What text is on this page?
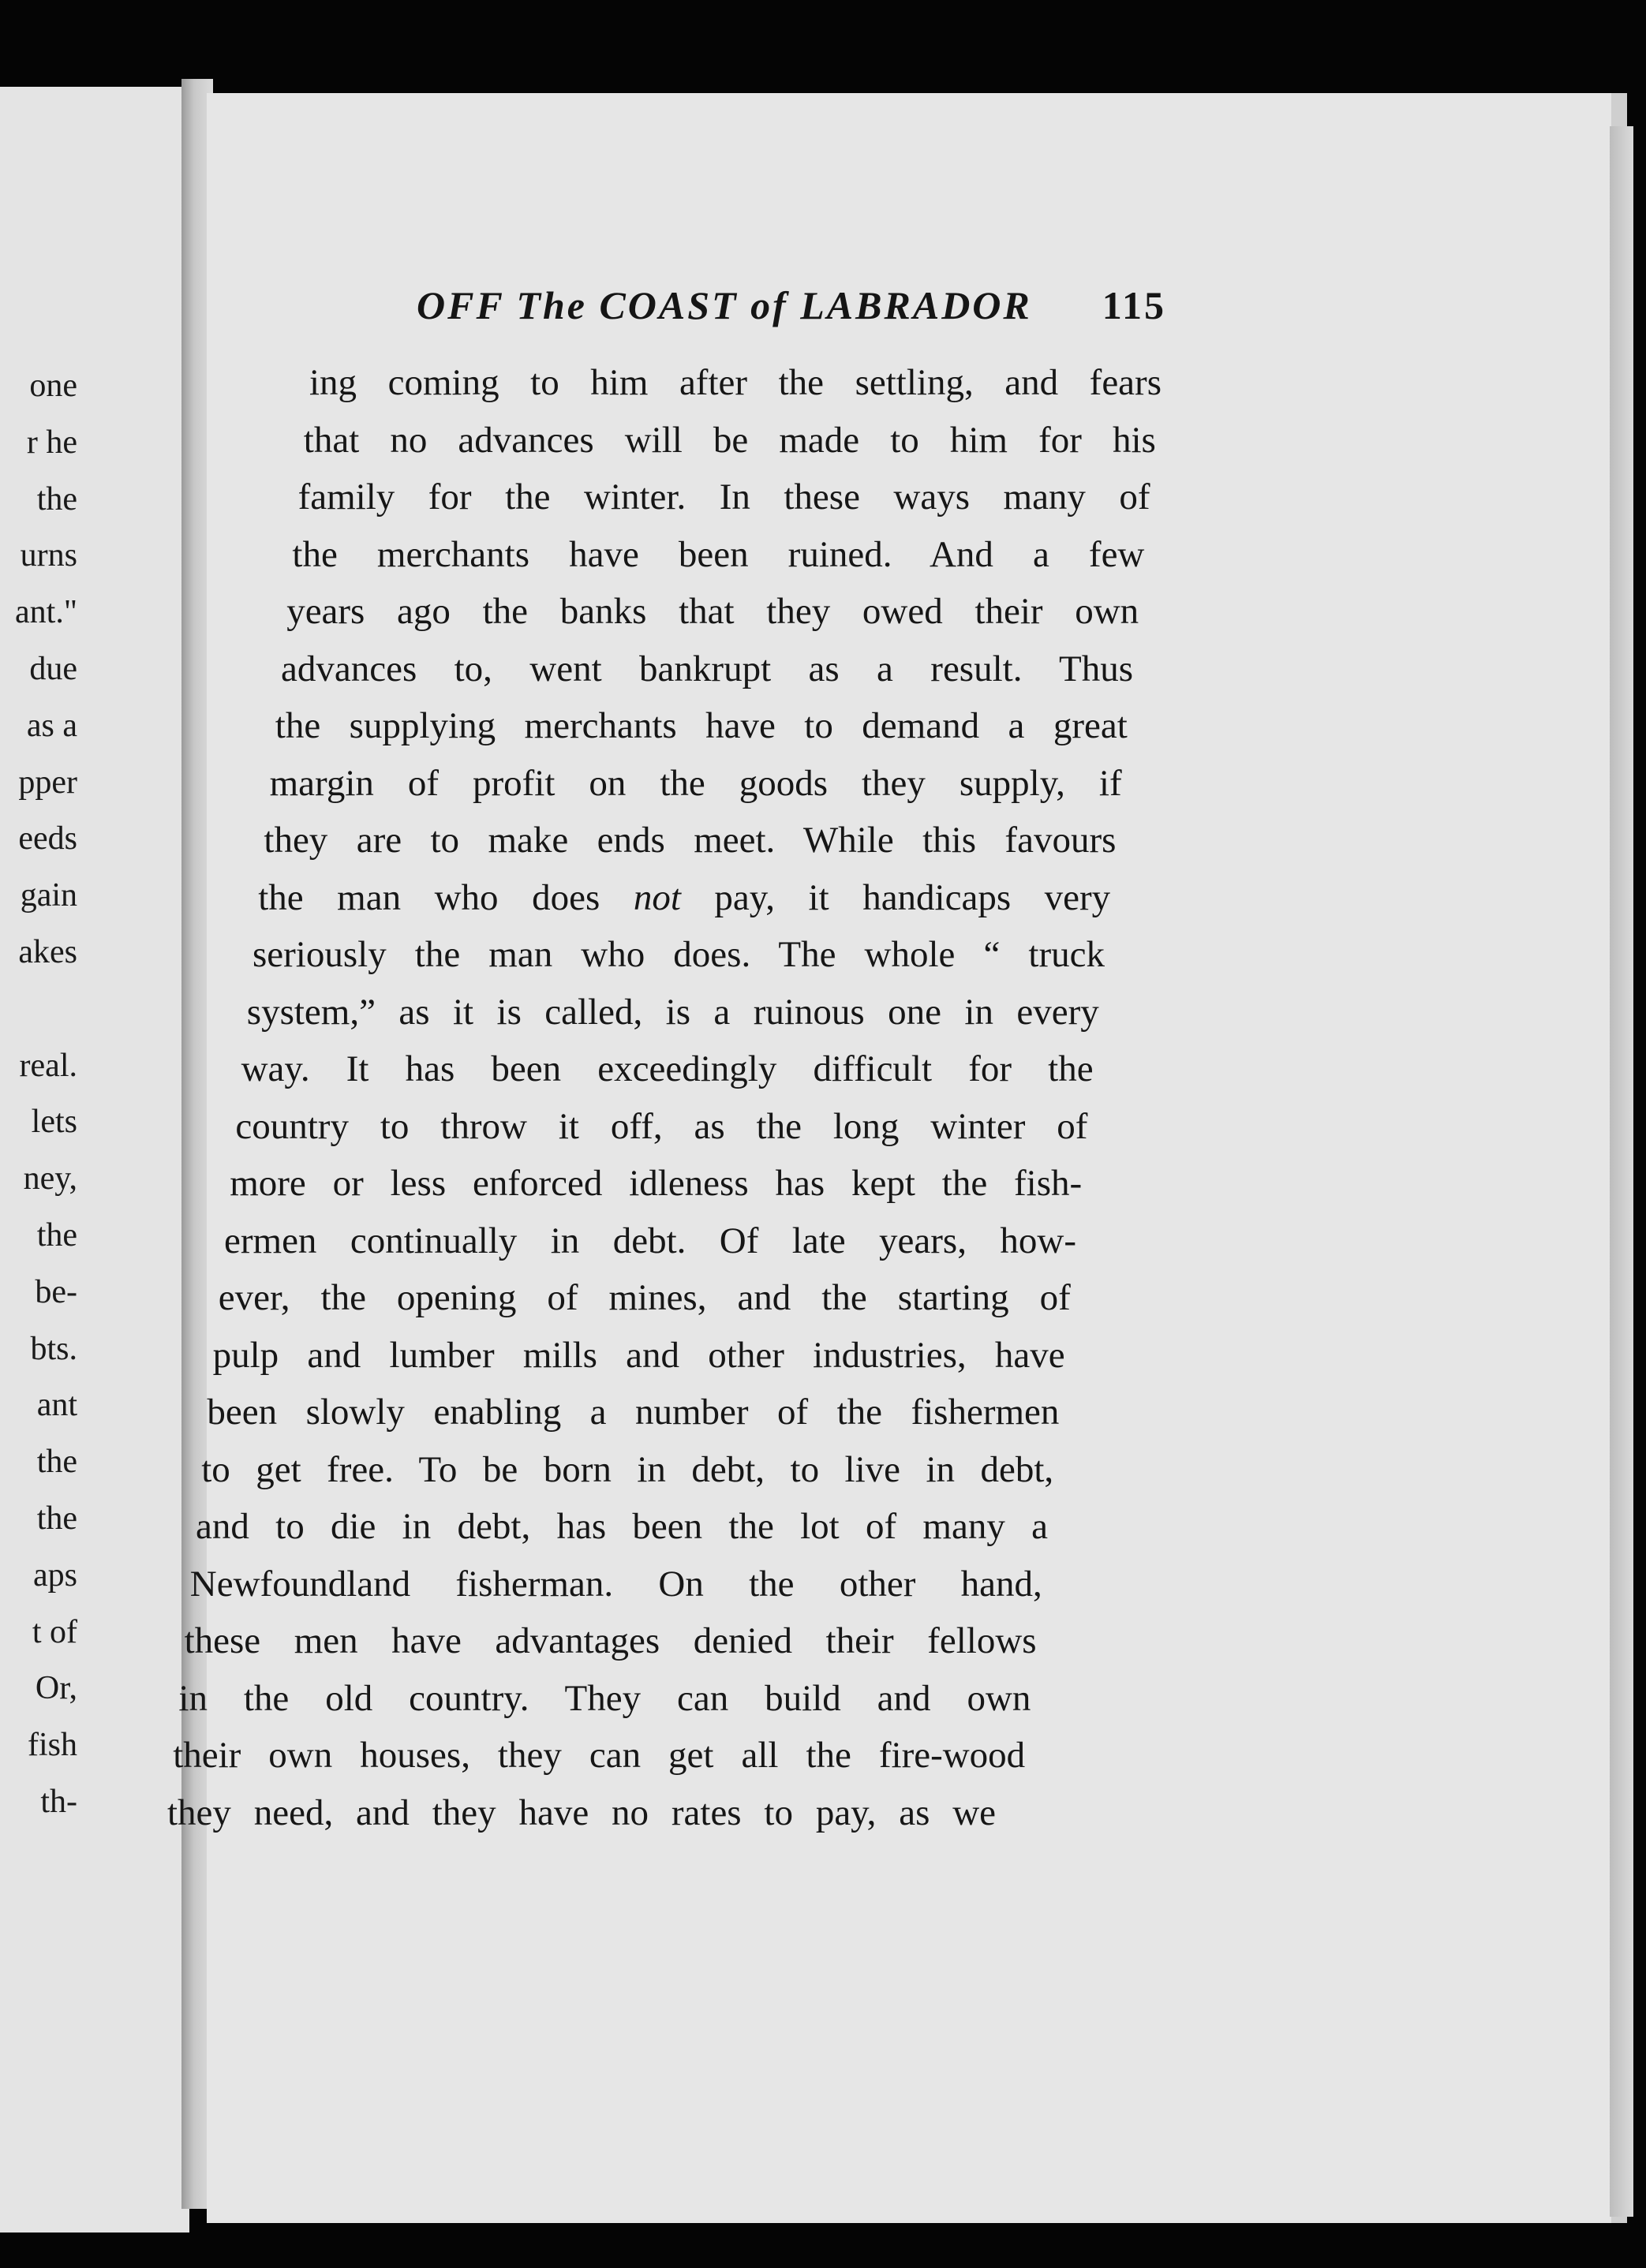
one
r he
the
urns
ant."
due
as a
pper
eeds
gain
akes
real.
lets
ney,
the
be-
bts.
ant
the
the
aps
t of
Or,
fish
th-
OFF The COAST of LABRADOR 115
ing coming to him after the settling, and fears
that no advances will be made to him for his
family for the winter. In these ways many of
the merchants have been ruined. And a few
years ago the banks that they owed their own
advances to, went bankrupt as a result. Thus
the supplying merchants have to demand a great
margin of profit on the goods they supply, if
they are to make ends meet. While this favours
the man who does not pay, it handicaps very
seriously the man who does. The whole “ truck
system,” as it is called, is a ruinous one in every
way. It has been exceedingly difficult for the
country to throw it off, as the long winter of
more or less enforced idleness has kept the fish-
ermen continually in debt. Of late years, how-
ever, the opening of mines, and the starting of
pulp and lumber mills and other industries, have
been slowly enabling a number of the fishermen
to get free. To be born in debt, to live in debt,
and to die in debt, has been the lot of many a
Newfoundland fisherman. On the other hand,
these men have advantages denied their fellows
in the old country. They can build and own
their own houses, they can get all the fire-wood
they need, and they have no rates to pay, as we
